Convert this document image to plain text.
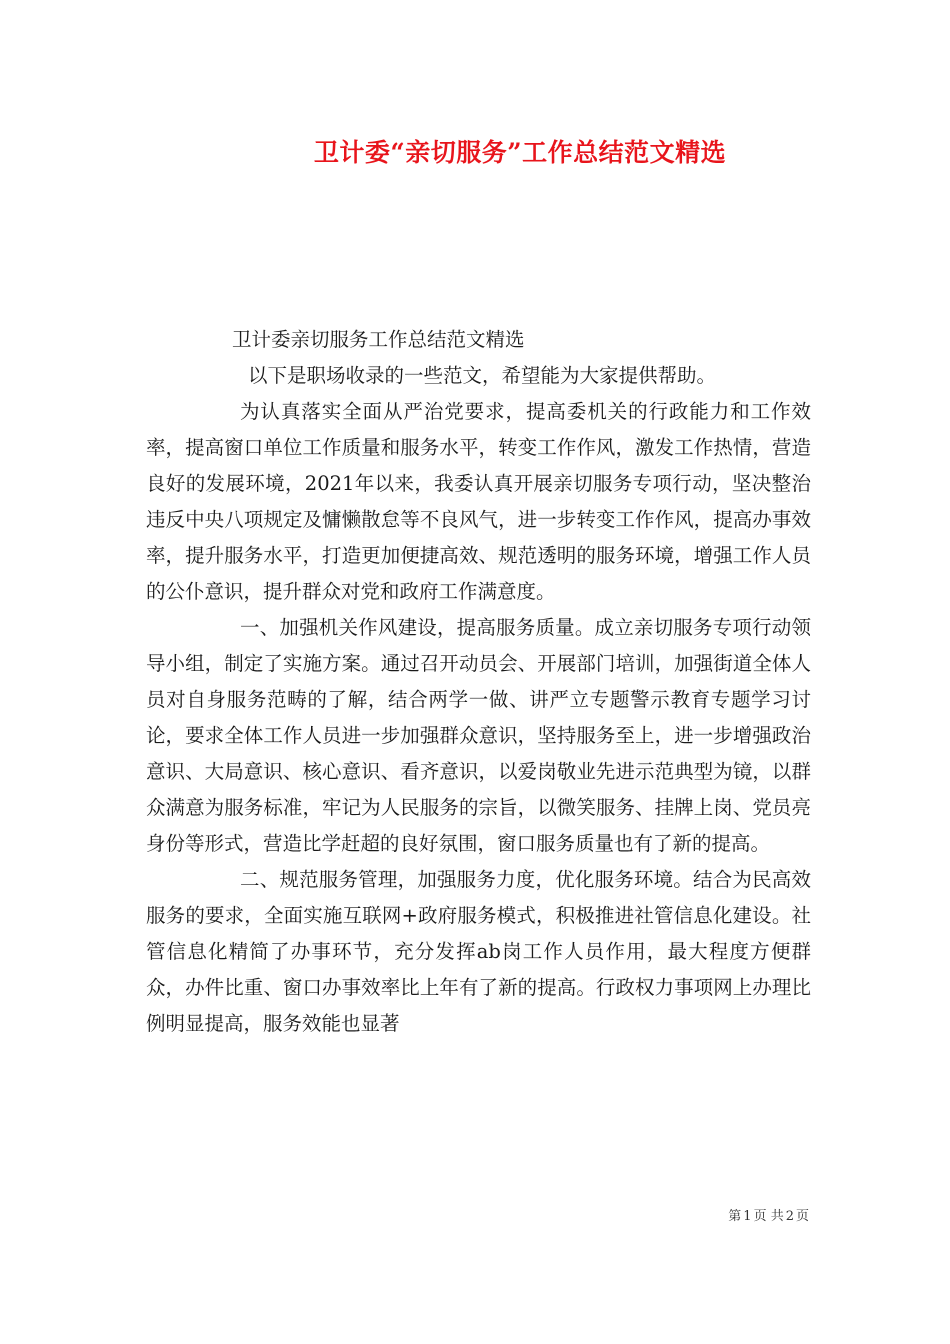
卫计委“亲切服务”工作总结范文精选

卫计委亲切服务工作总结范文精选

以下是职场收录的一些范文，希望能为大家提供帮助。

为认真落实全面从严治党要求，提高委机关的行政能力和工作效率，提高窗口单位工作质量和服务水平，转变工作作风，激发工作热情，营造良好的发展环境，2021年以来，我委认真开展亲切服务专项行动，坚决整治违反中央八项规定及慵懒散怠等不良风气，进一步转变工作作风，提高办事效率，提升服务水平，打造更加便捷高效、规范透明的服务环境，增强工作人员的公仆意识，提升群众对党和政府工作满意度。

一、加强机关作风建设，提高服务质量。成立亲切服务专项行动领导小组，制定了实施方案。通过召开动员会、开展部门培训，加强街道全体人员对自身服务范畴的了解，结合两学一做、讲严立专题警示教育专题学习讨论，要求全体工作人员进一步加强群众意识，坚持服务至上，进一步增强政治意识、大局意识、核心意识、看齐意识，以爱岗敬业先进示范典型为镜，以群众满意为服务标准，牢记为人民服务的宗旨，以微笑服务、挂牌上岗、党员亮身份等形式，营造比学赶超的良好氛围，窗口服务质量也有了新的提高。

二、规范服务管理，加强服务力度，优化服务环境。结合为民高效服务的要求，全面实施互联网+政府服务模式，积极推进社管信息化建设。社管信息化精简了办事环节，充分发挥ab岗工作人员作用，最大程度方便群众，办件比重、窗口办事效率比上年有了新的提高。行政权力事项网上办理比例明显提高，服务效能也显著

第 1 页 共 2 页
